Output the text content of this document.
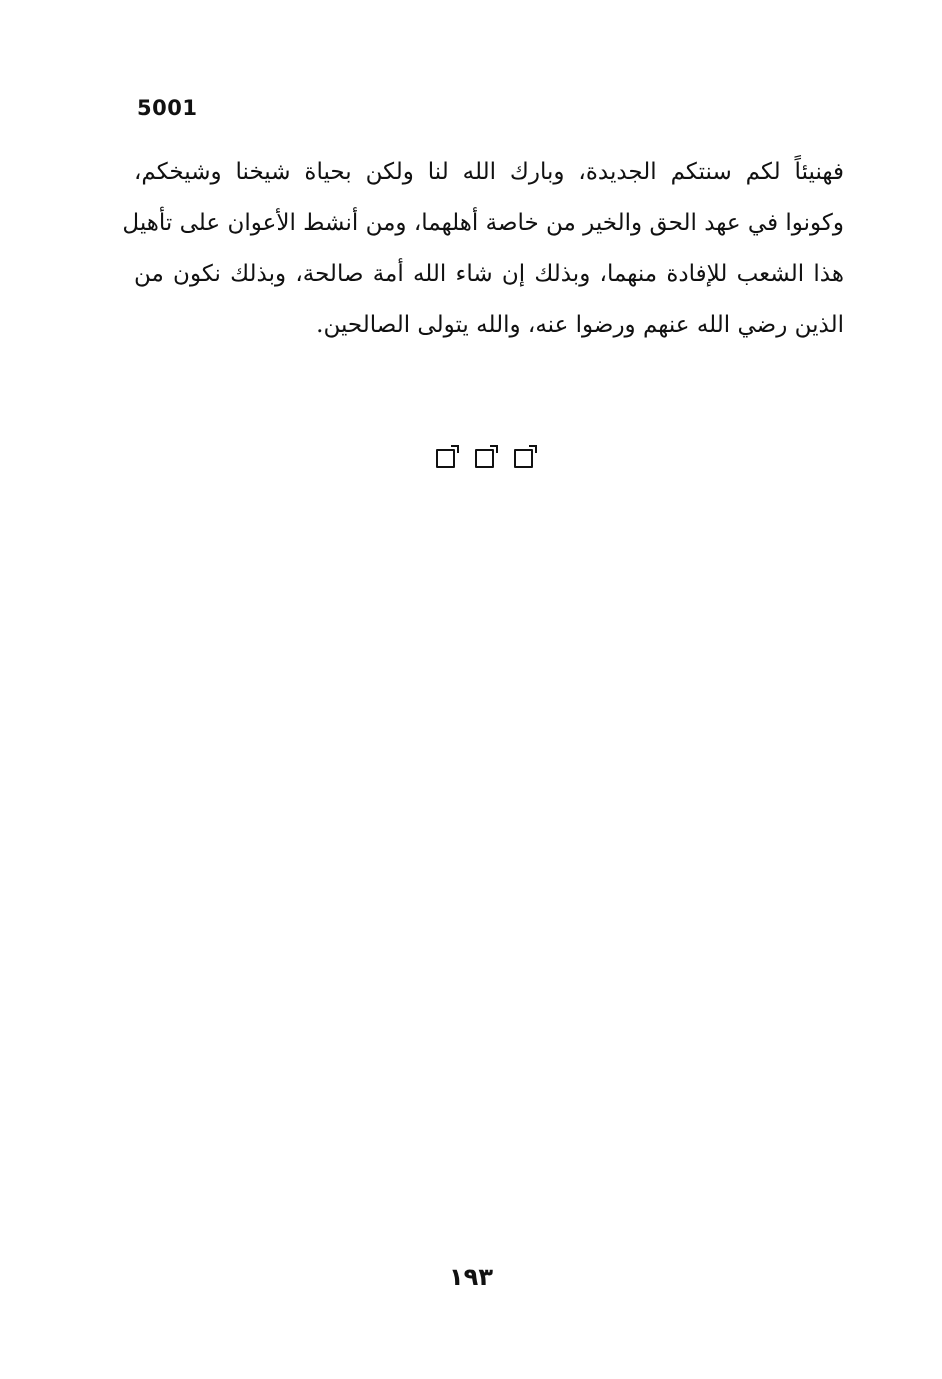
5001
فهنيئاً لكم سنتكم الجديدة، وبارك الله لنا ولكن بحياة شيخنا وشيخكم،
وكونوا في عهد الحق والخير من خاصة أهلهما، ومن أنشط الأعوان على تأهيل
هذا الشعب للإفادة منهما، وبذلك إن شاء الله أمة صالحة، وبذلك نكون من
الذين رضي الله عنهم ورضوا عنه، والله يتولى الصالحين.
١٩٣
